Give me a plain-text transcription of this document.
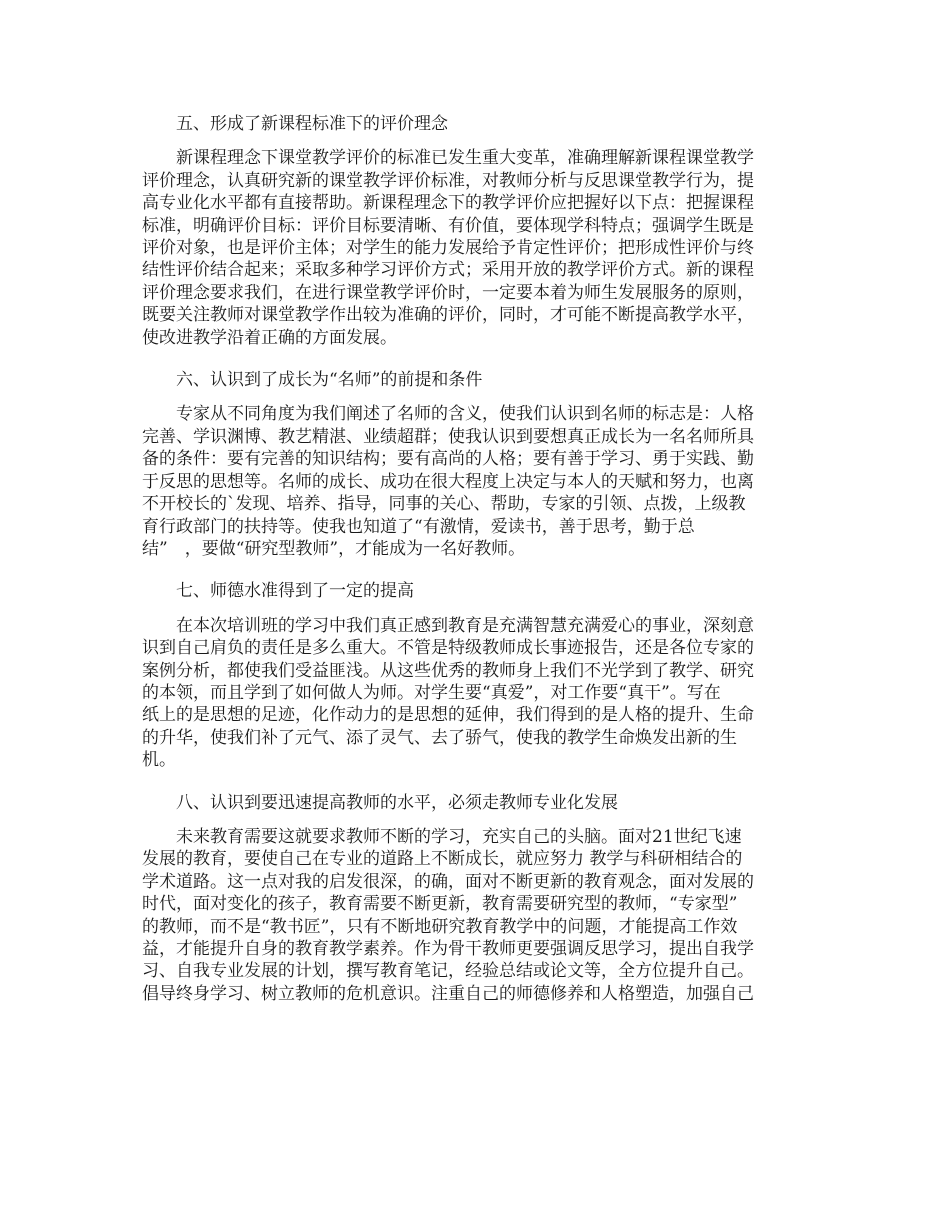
五、形成了新课程标准下的评价理念
新课程理念下课堂教学评价的标准已发生重大变革，准确理解新课程课堂教学
评价理念，认真研究新的课堂教学评价标准，对教师分析与反思课堂教学行为，提
高专业化水平都有直接帮助。新课程理念下的教学评价应把握好以下点：把握课程
标准，明确评价目标：评价目标要清晰、有价值，要体现学科特点；强调学生既是
评价对象，也是评价主体；对学生的能力发展给予肯定性评价；把形成性评价与终
结性评价结合起来；采取多种学习评价方式；采用开放的教学评价方式。新的课程
评价理念要求我们，在进行课堂教学评价时，一定要本着为师生发展服务的原则，
既要关注教师对课堂教学作出较为准确的评价，同时，才可能不断提高教学水平，
使改进教学沿着正确的方面发展。
六、认识到了成长为“名师”的前提和条件
专家从不同角度为我们阐述了名师的含义，使我们认识到名师的标志是：人格
完善、学识渊博、教艺精湛、业绩超群；使我认识到要想真正成长为一名名师所具
备的条件：要有完善的知识结构；要有高尚的人格；要有善于学习、勇于实践、勤
于反思的思想等。名师的成长、成功在很大程度上决定与本人的天赋和努力，也离
不开校长的`发现、培养、指导，同事的关心、帮助，专家的引领、点拨，上级教
育行政部门的扶持等。使我也知道了“有激情，爱读书，善于思考，勤于总
结”　，要做“研究型教师”，才能成为一名好教师。
七、师德水准得到了一定的提高
在本次培训班的学习中我们真正感到教育是充满智慧充满爱心的事业，深刻意
识到自己肩负的责任是多么重大。不管是特级教师成长事迹报告，还是各位专家的
案例分析，都使我们受益匪浅。从这些优秀的教师身上我们不光学到了教学、研究
的本领，而且学到了如何做人为师。对学生要“真爱”，对工作要“真干”。写在
纸上的是思想的足迹，化作动力的是思想的延伸，我们得到的是人格的提升、生命
的升华，使我们补了元气、添了灵气、去了骄气，使我的教学生命焕发出新的生
机。
八、认识到要迅速提高教师的水平，必须走教师专业化发展
未来教育需要这就要求教师不断的学习，充实自己的头脑。面对21世纪飞速
发展的教育，要使自己在专业的道路上不断成长，就应努力 教学与科研相结合的
学术道路。这一点对我的启发很深，的确，面对不断更新的教育观念，面对发展的
时代，面对变化的孩子，教育需要不断更新，教育需要研究型的教师，“专家型”
的教师，而不是“教书匠”，只有不断地研究教育教学中的问题，才能提高工作效
益，才能提升自身的教育教学素养。作为骨干教师更要强调反思学习，提出自我学
习、自我专业发展的计划，撰写教育笔记，经验总结或论文等，全方位提升自己。
倡导终身学习、树立教师的危机意识。注重自己的师德修养和人格塑造，加强自己
